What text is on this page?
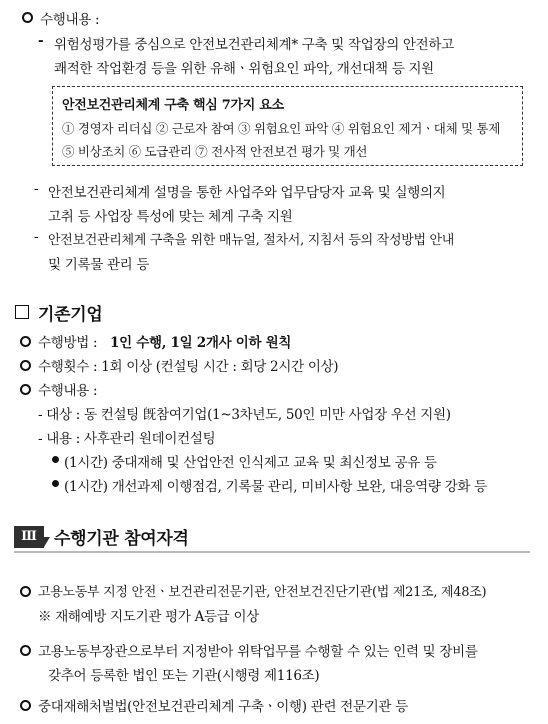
수행내용 :
- 위험성평가를 중심으로 안전보건관리체계* 구축 및 작업장의 안전하고
쾌적한 작업환경 등을 위한 유해ㆍ위험요인 파악, 개선대책 등 지원
안전보건관리체계 구축 핵심 7가지 요소
① 경영자 리더십 ② 근로자 참여 ③ 위험요인 파악 ④ 위험요인 제거ㆍ대체 및 통제
⑤ 비상조치 ⑥ 도급관리 ⑦ 전사적 안전보건 평가 및 개선
- 안전보건관리체계 설명을 통한 사업주와 업무담당자 교육 및 실행의지
고취 등 사업장 특성에 맞는 체계 구축 지원
- 안전보건관리체계 구축을 위한 매뉴얼, 절차서, 지침서 등의 작성방법 안내
및 기록물 관리 등
기존기업
수행방법 : 1인 수행, 1일 2개사 이하 원칙
수행횟수 : 1회 이상 (컨설팅 시간 : 회당 2시간 이상)
수행내용 :
- 대상 : 동 컨설팅 旣참여기업(1~3차년도, 50인 미만 사업장 우선 지원)
- 내용 : 사후관리 원데이컨설팅
(1시간) 중대재해 및 산업안전 인식제고 교육 및 최신정보 공유 등
(1시간) 개선과제 이행점검, 기록물 관리, 미비사항 보완, 대응역량 강화 등
Ⅲ	수행기관 참여자격
고용노동부 지정 안전ㆍ보건관리전문기관, 안전보건진단기관(법 제21조, 제48조)
※ 재해예방 지도기관 평가 A등급 이상
고용노동부장관으로부터 지정받아 위탁업무를 수행할 수 있는 인력 및 장비를
갖추어 등록한 법인 또는 기관(시행령 제116조)
중대재해처벌법(안전보건관리체계 구축ㆍ이행) 관련 전문기관 등
